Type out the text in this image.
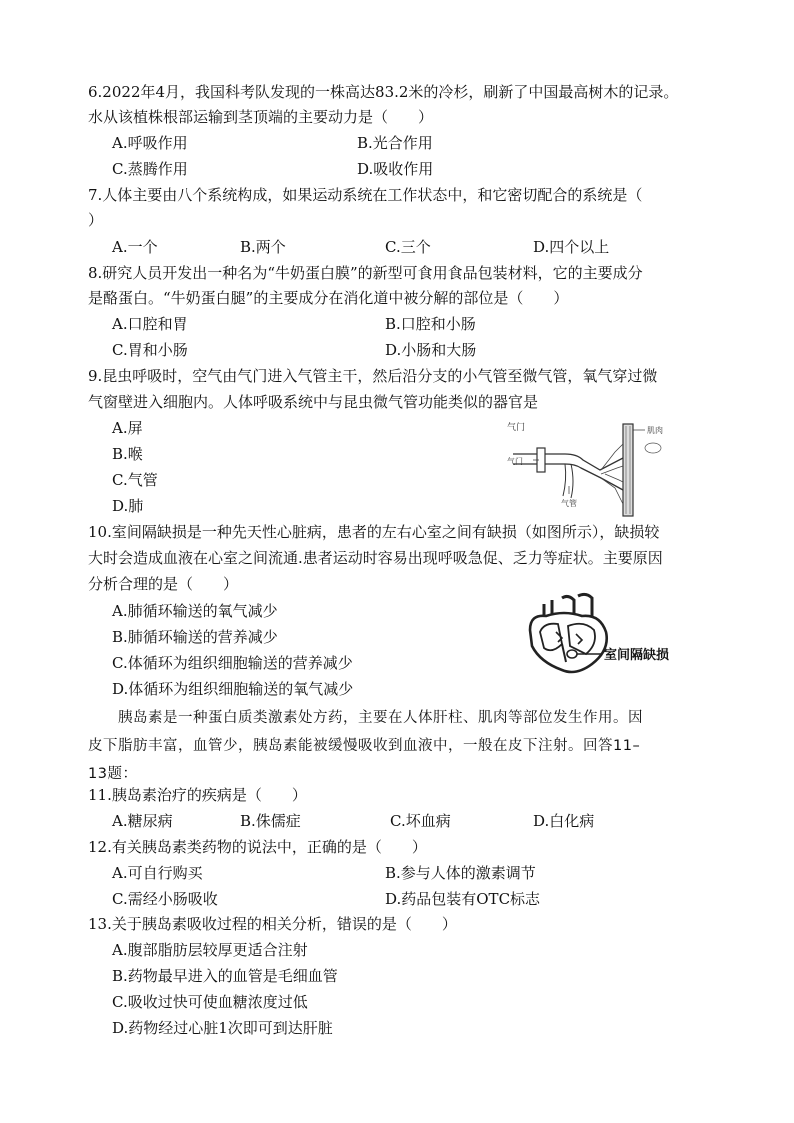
6.2022年4月，我国科考队发现的一株高达83.2米的冷杉，刷新了中国最高树木的记录。
水从该植株根部运输到茎顶端的主要动力是（　　）
A.呼吸作用	B.光合作用
C.蒸腾作用	D.吸收作用
7.人体主要由八个系统构成，如果运动系统在工作状态中，和它密切配合的系统是（
）
A.一个	B.两个	C.三个	D.四个以上
8.研究人员开发出一种名为“牛奶蛋白膜”的新型可食用食品包装材料，它的主要成分
是酪蛋白。“牛奶蛋白腿”的主要成分在消化道中被分解的部位是（　　）
A.口腔和胃	B.口腔和小肠
C.胃和小肠	D.小肠和大肠
9.昆虫呼吸时，空气由气门进入气管主干，然后沿分支的小气管至微气管，氧气穿过微
气窗壁进入细胞内。人体呼吸系统中与昆虫微气管功能类似的器官是
A.屏
B.喉
C.气管
D.肺
气门
气门
肌肉
气管
10.室间隔缺损是一种先天性心脏病，患者的左右心室之间有缺损（如图所示），缺损较
大时会造成血液在心室之间流通.患者运动时容易出现呼吸急促、乏力等症状。主要原因
分析合理的是（　　）
A.肺循环输送的氧气减少
B.肺循环输送的营养减少
C.体循环为组织细胞输送的营养减少
D.体循环为组织细胞输送的氧气减少
室间隔缺损
胰岛素是一种蛋白质类激素处方药，主要在人体肝柱、肌肉等部位发生作用。因
皮下脂肪丰富，血管少，胰岛素能被缓慢吸收到血液中，一般在皮下注射。回答11–
13题：
11.胰岛素治疗的疾病是（　　）
A.糖尿病	B.侏儒症	C.坏血病	D.白化病
12.有关胰岛素类药物的说法中，正确的是（　　）
A.可自行购买	B.参与人体的激素调节
C.需经小肠吸收	D.药品包装有OTC标志
13.关于胰岛素吸收过程的相关分析，错误的是（　　）
A.腹部脂肪层较厚更适合注射
B.药物最早进入的血管是毛细血管
C.吸收过快可使血糖浓度过低
D.药物经过心脏1次即可到达肝脏
